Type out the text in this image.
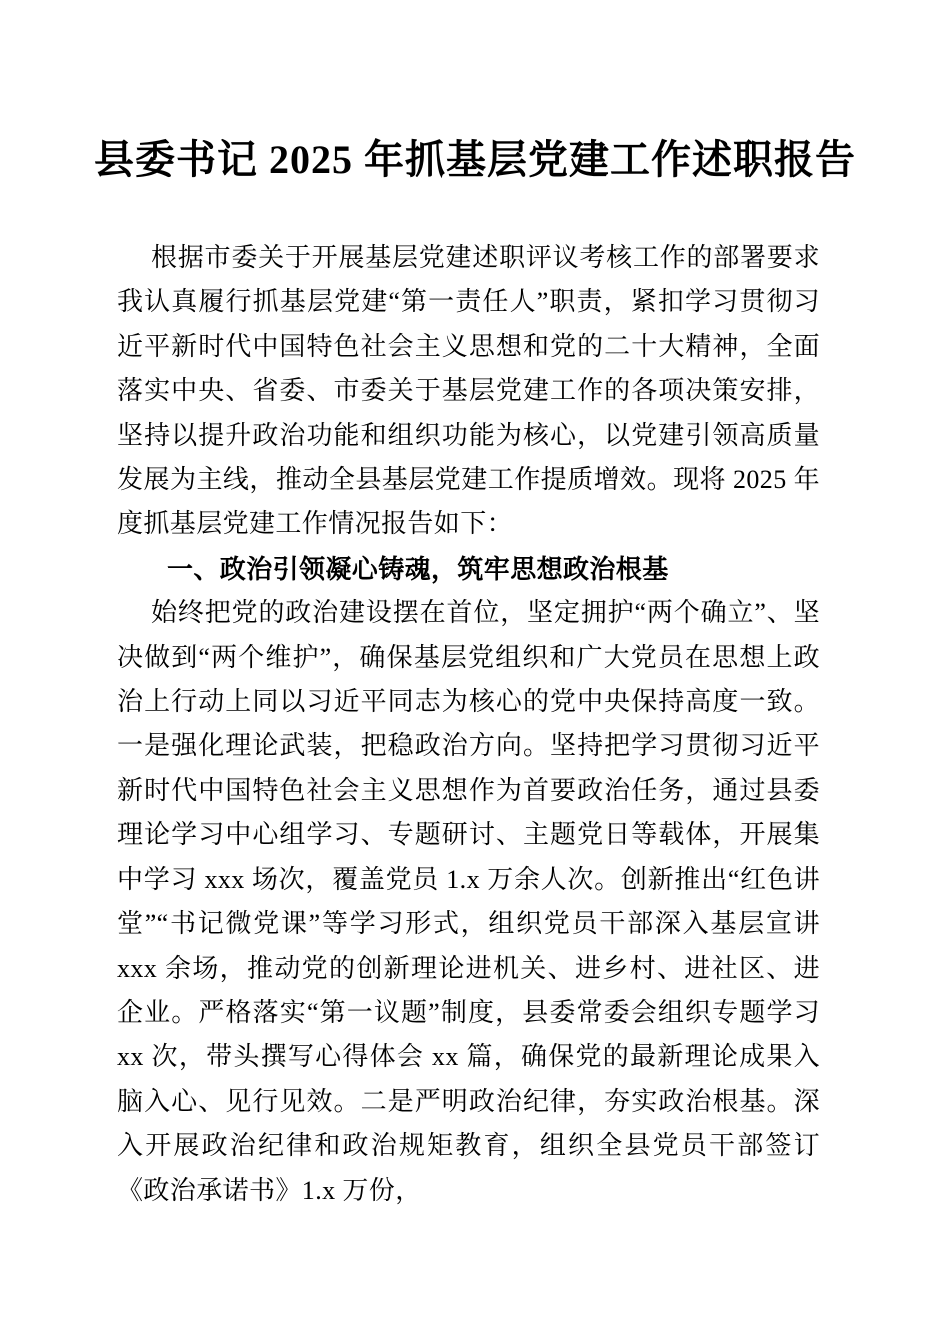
县委书记 2025 年抓基层党建工作述职报告

根据市委关于开展基层党建述职评议考核工作的部署要求我认真履行抓基层党建“第一责任人”职责，紧扣学习贯彻习近平新时代中国特色社会主义思想和党的二十大精神，全面落实中央、省委、市委关于基层党建工作的各项决策安排，坚持以提升政治功能和组织功能为核心，以党建引领高质量发展为主线，推动全县基层党建工作提质增效。现将 2025 年度抓基层党建工作情况报告如下：

一、政治引领凝心铸魂，筑牢思想政治根基

始终把党的政治建设摆在首位，坚定拥护“两个确立”、坚决做到“两个维护”，确保基层党组织和广大党员在思想上政治上行动上同以习近平同志为核心的党中央保持高度一致。一是强化理论武装，把稳政治方向。坚持把学习贯彻习近平新时代中国特色社会主义思想作为首要政治任务，通过县委理论学习中心组学习、专题研讨、主题党日等载体，开展集中学习 xxx 场次，覆盖党员 1.x 万余人次。创新推出“红色讲堂”“书记微党课”等学习形式，组织党员干部深入基层宣讲 xxx 余场，推动党的创新理论进机关、进乡村、进社区、进企业。严格落实“第一议题”制度，县委常委会组织专题学习 xx 次，带头撰写心得体会 xx 篇，确保党的最新理论成果入脑入心、见行见效。二是严明政治纪律，夯实政治根基。深入开展政治纪律和政治规矩教育，组织全县党员干部签订《政治承诺书》1.x 万份，
